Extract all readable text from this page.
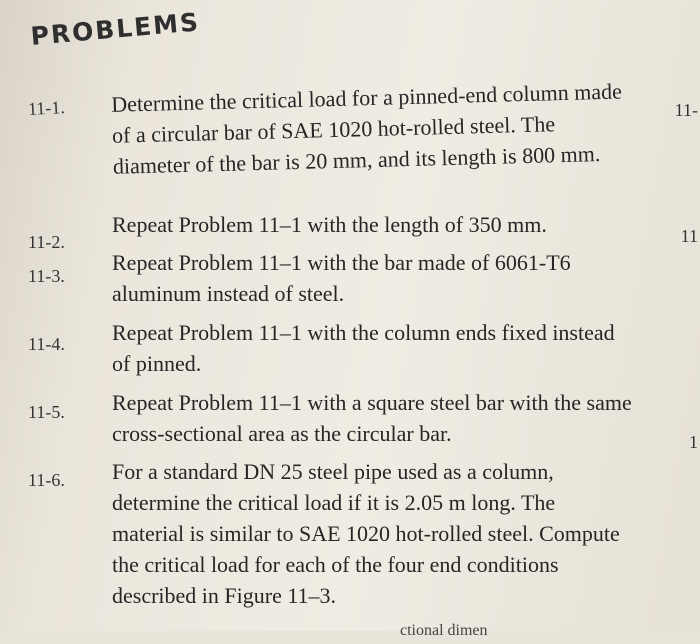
PROBLEMS
11-1. Determine the critical load for a pinned-end column made of a circular bar of SAE 1020 hot-rolled steel. The diameter of the bar is 20 mm, and its length is 800 mm.
11-2.
Repeat Problem 11–1 with the length of 350 mm.
11-3.
Repeat Problem 11–1 with the bar made of 6061-T6 aluminum instead of steel.
11-4. Repeat Problem 11–1 with the column ends fixed instead of pinned.
11-5. Repeat Problem 11–1 with a square steel bar with the same cross-sectional area as the circular bar.
11-6. For a standard DN 25 steel pipe used as a column, determine the critical load if it is 2.05 m long. The material is similar to SAE 1020 hot-rolled steel. Compute the critical load for each of the four end conditions described in Figure 11–3.
11-
11
1
ctional dimen
